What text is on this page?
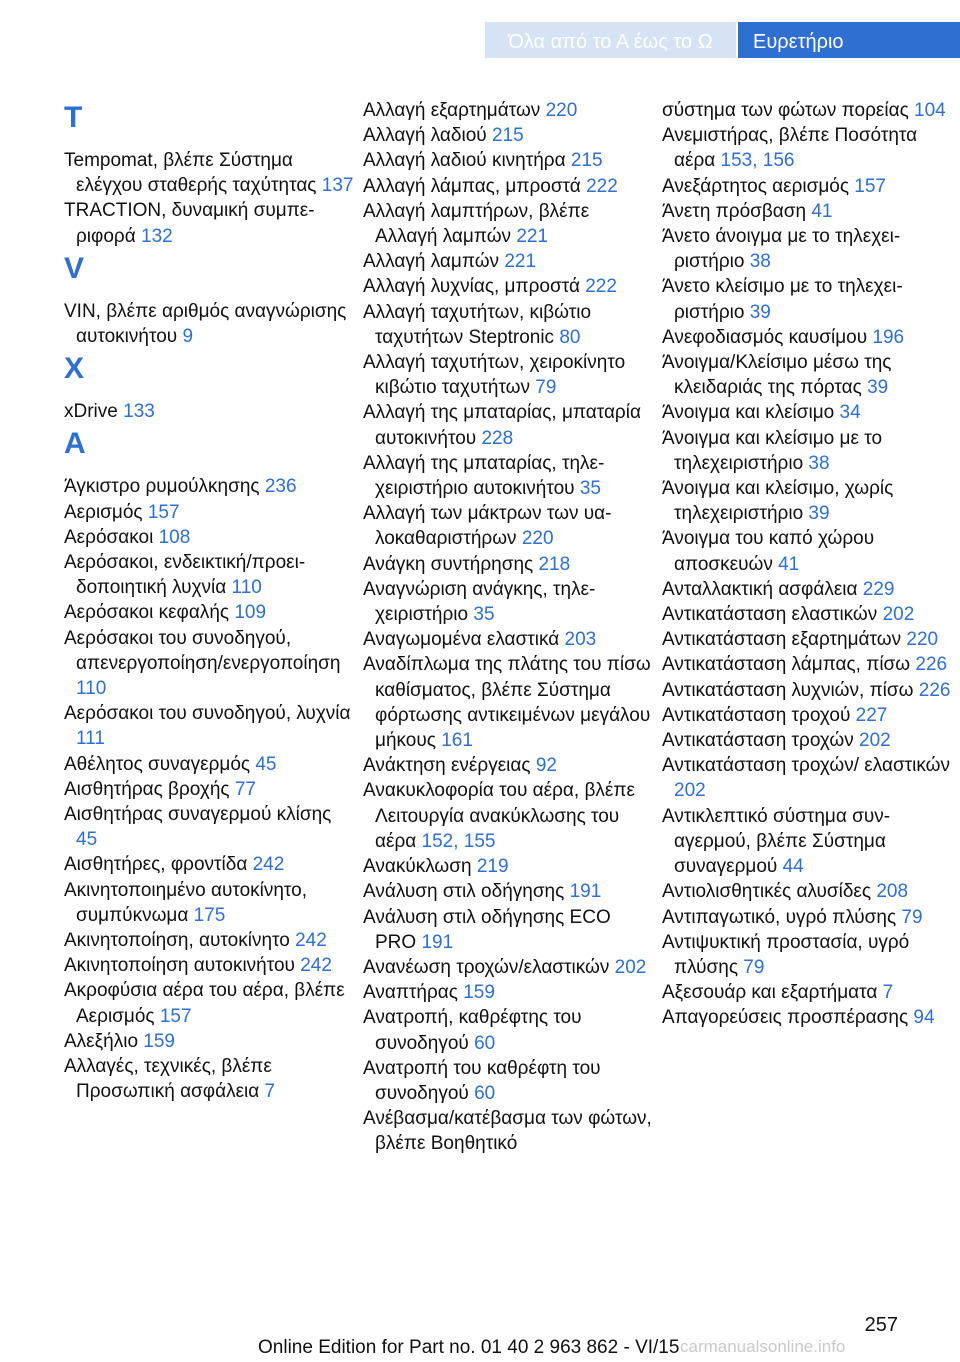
Όλα από το Α έως το Ω	Ευρετήριο
T
Tempomat, βλέπε Σύστημα ελέγχου σταθερής ταχύτητας 137
TRACTION, δυναμική συμπεριφορά 132
V
VIN, βλέπε αριθμός αναγνώρισης αυτοκινήτου 9
X
xDrive 133
Α
Άγκιστρο ρυμούλκησης 236
Αερισμός 157
Αερόσακοι 108
Αερόσακοι, ενδεικτική/προειδοποιητική λυχνία 110
Αερόσακοι κεφαλής 109
Αερόσακοι του συνοδηγού, απενεργοποίηση/ενεργοποίηση 110
Αερόσακοι του συνοδηγού, λυχνία 111
Αθέλητος συναγερμός 45
Αισθητήρας βροχής 77
Αισθητήρας συναγερμού κλίσης 45
Αισθητήρες, φροντίδα 242
Ακινητοποιημένο αυτοκίνητο, συμπύκνωμα 175
Ακινητοποίηση, αυτοκίνητο 242
Ακινητοποίηση αυτοκινήτου 242
Ακροφύσια αέρα του αέρα, βλέπε Αερισμός 157
Αλεξήλιο 159
Αλλαγές, τεχνικές, βλέπε Προσωπική ασφάλεια 7
Αλλαγή εξαρτημάτων 220
Αλλαγή λαδιού 215
Αλλαγή λαδιού κινητήρα 215
Αλλαγή λάμπας, μπροστά 222
Αλλαγή λαμπτήρων, βλέπε Αλλαγή λαμπών 221
Αλλαγή λαμπών 221
Αλλαγή λυχνίας, μπροστά 222
Αλλαγή ταχυτήτων, κιβώτιο ταχυτήτων Steptronic 80
Αλλαγή ταχυτήτων, χειροκίνητο κιβώτιο ταχυτήτων 79
Αλλαγή της μπαταρίας, μπαταρία αυτοκινήτου 228
Αλλαγή της μπαταρίας, τηλεχειριστήριο αυτοκινήτου 35
Αλλαγή των μάκτρων των υαλοκαθαριστήρων 220
Ανάγκη συντήρησης 218
Αναγνώριση ανάγκης, τηλεχειριστήριο 35
Αναγωμομένα ελαστικά 203
Αναδίπλωμα της πλάτης του πίσω καθίσματος, βλέπε Σύστημα φόρτωσης αντικειμένων μεγάλου μήκους 161
Ανάκτηση ενέργειας 92
Ανακυκλοφορία του αέρα, βλέπε Λειτουργία ανακύκλωσης του αέρα 152, 155
Ανακύκλωση 219
Ανάλυση στιλ οδήγησης 191
Ανάλυση στιλ οδήγησης ECO PRO 191
Ανανέωση τροχών/ελαστικών 202
Αναπτήρας 159
Ανατροπή, καθρέφτης του συνοδηγού 60
Ανατροπή του καθρέφτη του συνοδηγού 60
Ανέβασμα/κατέβασμα των φώτων, βλέπε Βοηθητικό
σύστημα των φώτων πορείας 104
Ανεμιστήρας, βλέπε Ποσότητα αέρα 153, 156
Ανεξάρτητος αερισμός 157
Άνετη πρόσβαση 41
Άνετο άνοιγμα με το τηλεχειριστήριο 38
Άνετο κλείσιμο με το τηλεχειριστήριο 39
Ανεφοδιασμός καυσίμου 196
Άνοιγμα/Κλείσιμο μέσω της κλειδαριάς της πόρτας 39
Άνοιγμα και κλείσιμο 34
Άνοιγμα και κλείσιμο με το τηλεχειριστήριο 38
Άνοιγμα και κλείσιμο, χωρίς τηλεχειριστήριο 39
Άνοιγμα του καπό χώρου αποσκευών 41
Ανταλλακτική ασφάλεια 229
Αντικατάσταση ελαστικών 202
Αντικατάσταση εξαρτημάτων 220
Αντικατάσταση λάμπας, πίσω 226
Αντικατάσταση λυχνιών, πίσω 226
Αντικατάσταση τροχού 227
Αντικατάσταση τροχών 202
Αντικατάσταση τροχών/ ελαστικών 202
Αντικλεπτικό σύστημα συναγερμού, βλέπε Σύστημα συναγερμού 44
Αντιολισθητικές αλυσίδες 208
Αντιπαγωτικό, υγρό πλύσης 79
Αντιψυκτική προστασία, υγρό πλύσης 79
Αξεσουάρ και εξαρτήματα 7
Απαγορεύσεις προσπέρασης 94
257
Online Edition for Part no. 01 40 2 963 862 - VI/15 carmanualsonline.info
